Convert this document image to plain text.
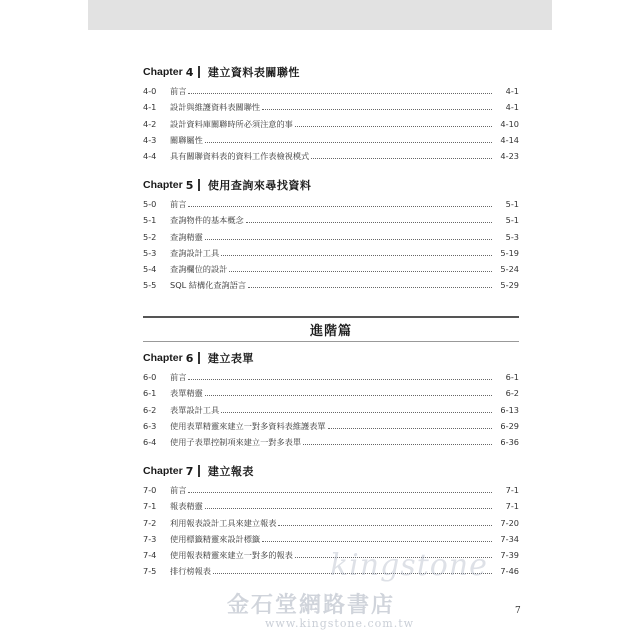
Chapter 4 建立資料表關聯性
4-0	前言	4-1
4-1	設計與維護資料表關聯性	4-1
4-2	設計資料庫關聯時所必須注意的事	4-10
4-3	關聯屬性	4-14
4-4	具有關聯資料表的資料工作表檢視模式	4-23
Chapter 5 使用查詢來尋找資料
5-0	前言	5-1
5-1	查詢物件的基本概念	5-1
5-2	查詢精靈	5-3
5-3	查詢設計工具	5-19
5-4	查詢欄位的設計	5-24
5-5	SQL 結構化查詢語言	5-29
進階篇
Chapter 6 建立表單
6-0	前言	6-1
6-1	表單精靈	6-2
6-2	表單設計工具	6-13
6-3	使用表單精靈來建立一對多資料表維護表單	6-29
6-4	使用子表單控制項來建立一對多表單	6-36
Chapter 7 建立報表
7-0	前言	7-1
7-1	報表精靈	7-1
7-2	利用報表設計工具來建立報表	7-20
7-3	使用標籤精靈來設計標籤	7-34
7-4	使用報表精靈來建立一對多的報表	7-39
7-5	排行榜報表	7-46
kingstone
金石堂網路書店
www.kingstone.com.tw
7
